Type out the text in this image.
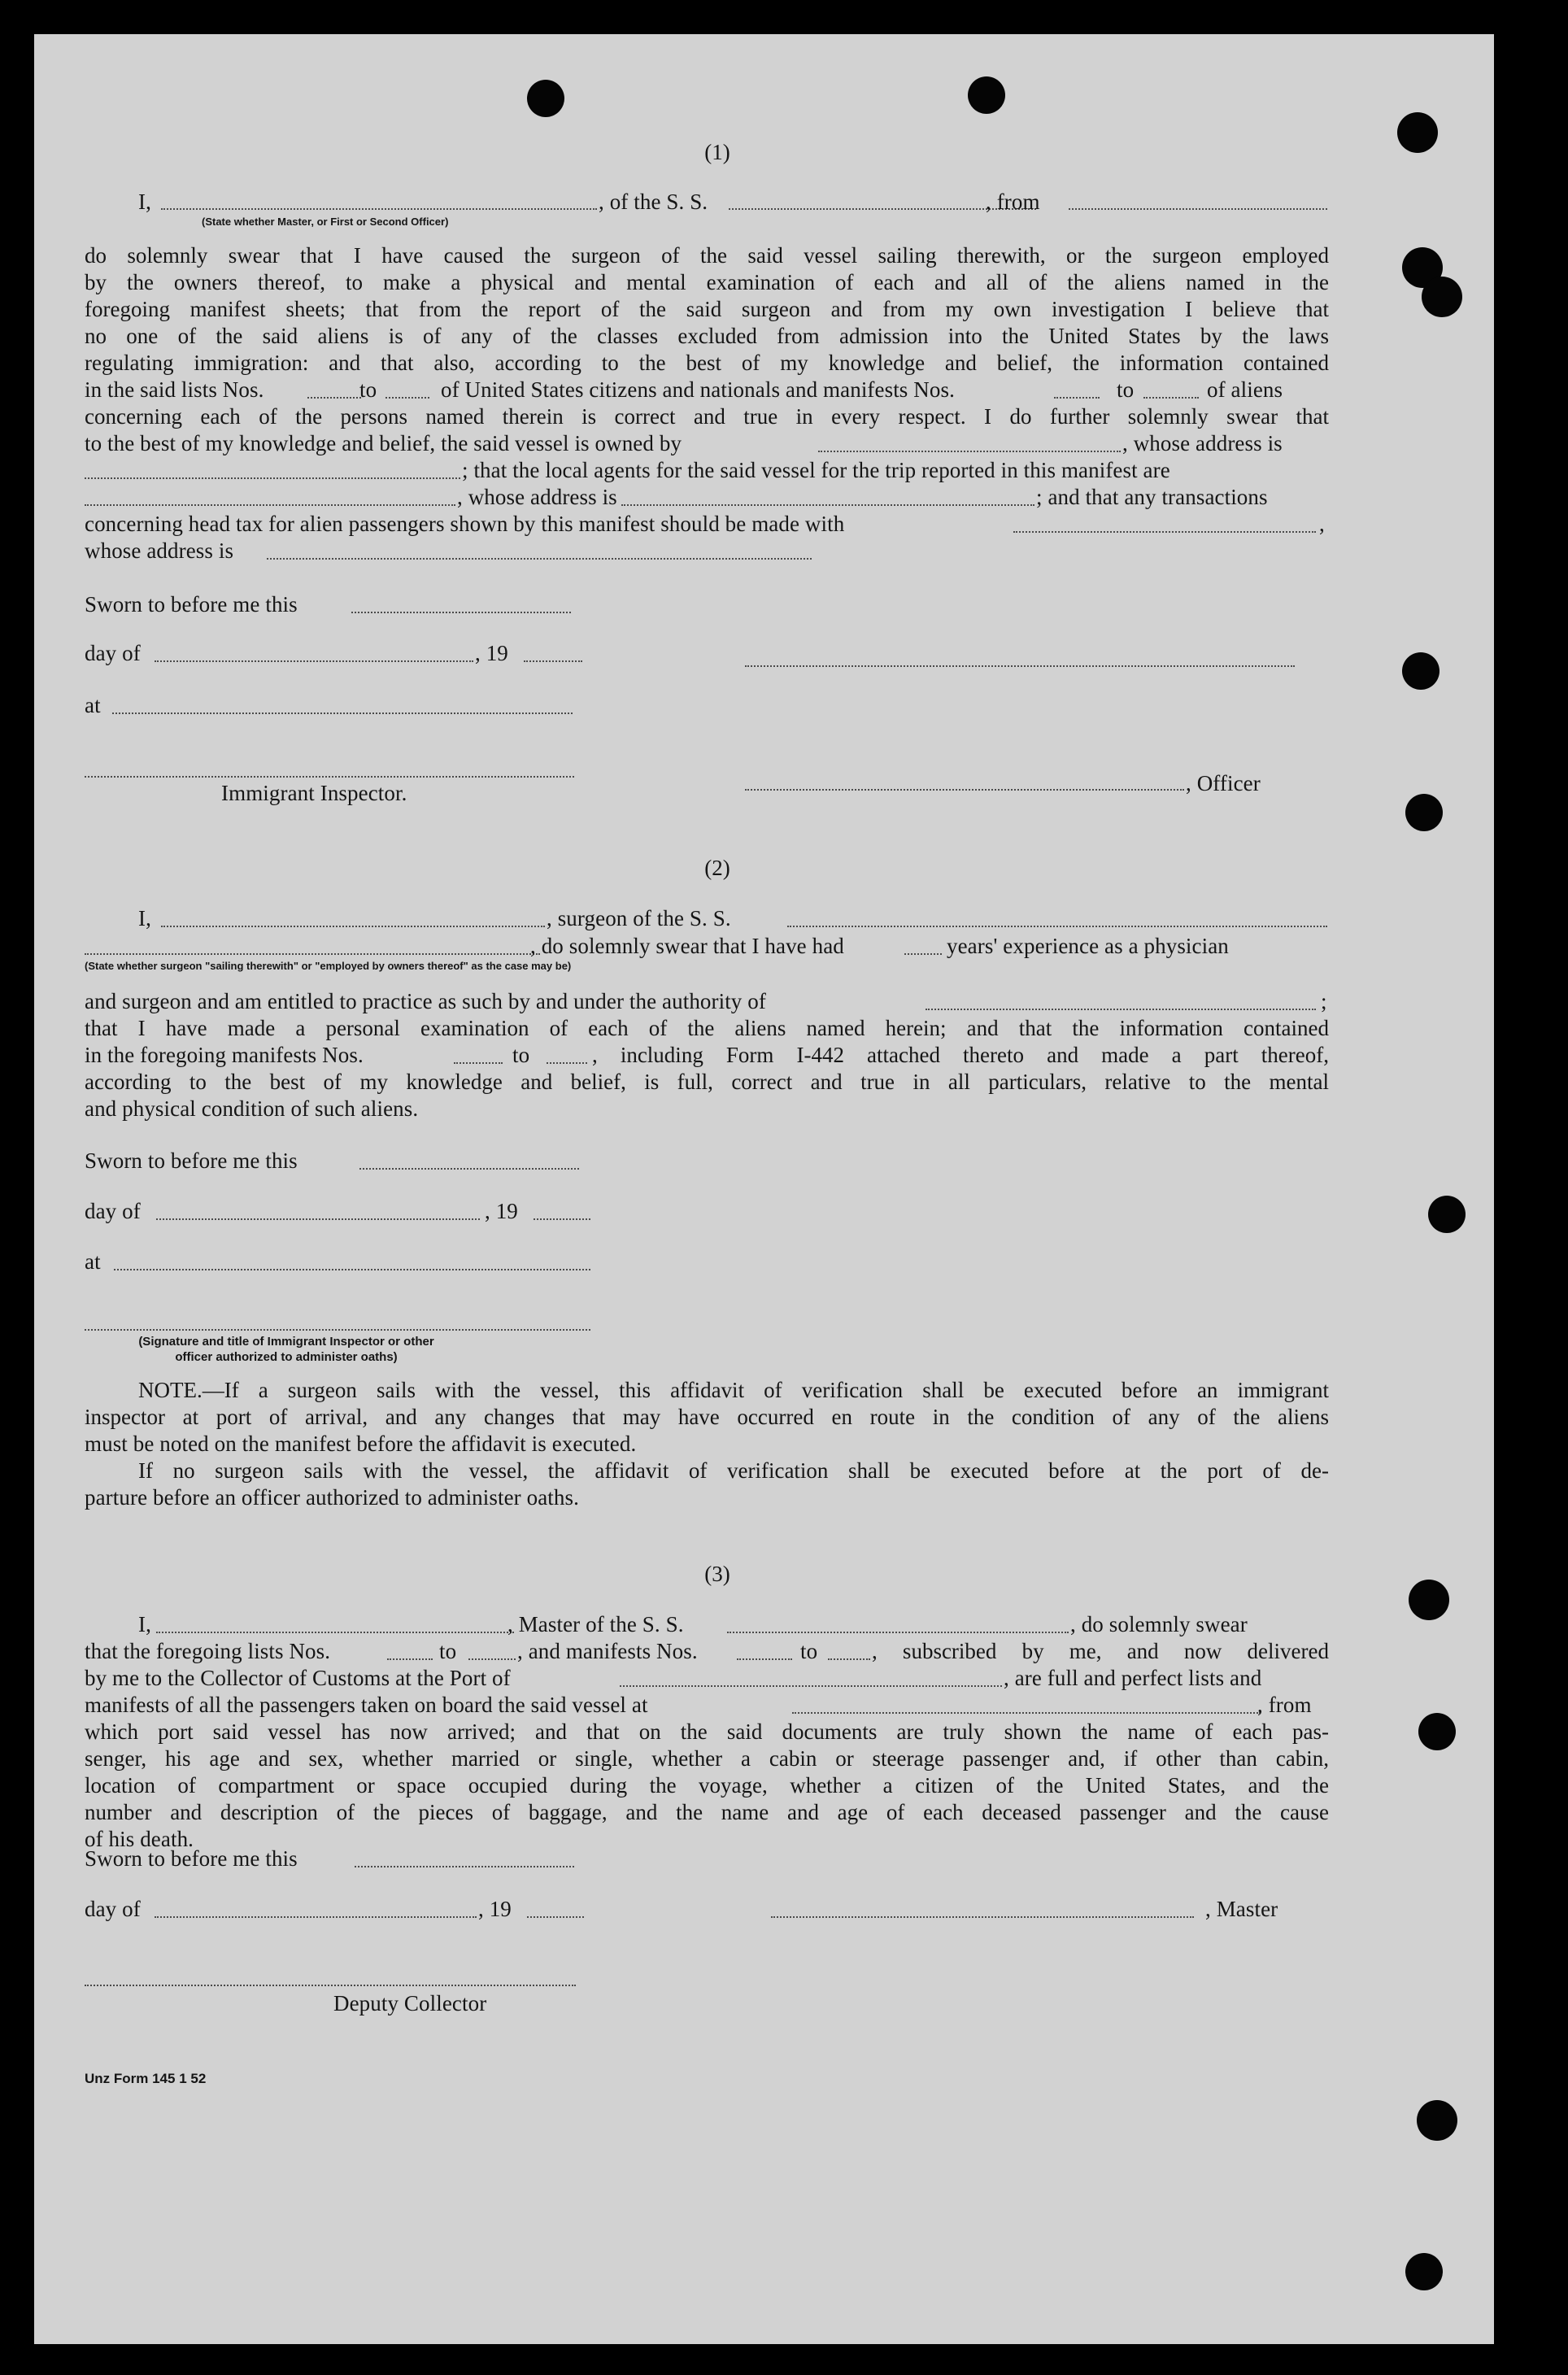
(1)
I,	, of the S. S.	, from
(State whether Master, or First or Second Officer)
do solemnly swear that I have caused the surgeon of the said vessel sailing therewith, or the surgeon employed
by the owners thereof, to make a physical and mental examination of each and all of the aliens named in the
foregoing manifest sheets; that from the report of the said surgeon and from my own investigation I believe that
no one of the said aliens is of any of the classes excluded from admission into the United States by the laws
regulating immigration: and that also, according to the best of my knowledge and belief, the information contained
in the said lists Nos.	to	of United States citizens and nationals and manifests Nos.	to	of aliens
concerning each of the persons named therein is correct and true in every respect. I do further solemnly swear that
to the best of my knowledge and belief, the said vessel is owned by	, whose address is
; that the local agents for the said vessel for the trip reported in this manifest are
, whose address is	; and that any transactions
concerning head tax for alien passengers shown by this manifest should be made with	,
whose address is
Sworn to before me this
day of	, 19
at
, Officer
Immigrant Inspector.
(2)
I,	, surgeon of the S. S.
, do solemnly swear that I have had	years' experience as a physician
(State whether surgeon "sailing therewith" or "employed by owners thereof" as the case may be)
and surgeon and am entitled to practice as such by and under the authority of	;
that I have made a personal examination of each of the aliens named herein; and that the information contained
in the foregoing manifests Nos.	to	, including Form I-442 attached thereto and made a part thereof,
according to the best of my knowledge and belief, is full, correct and true in all particulars, relative to the mental
and physical condition of such aliens.
Sworn to before me this
day of	, 19
at
(Signature and title of Immigrant Inspector or other
officer authorized to administer oaths)
NOTE.—If a surgeon sails with the vessel, this affidavit of verification shall be executed before an immigrant
inspector at port of arrival, and any changes that may have occurred en route in the condition of any of the aliens
must be noted on the manifest before the affidavit is executed.
If no surgeon sails with the vessel, the affidavit of verification shall be executed before at the port of de-
parture before an officer authorized to administer oaths.
(3)
I,	, Master of the S. S.	, do solemnly swear
that the foregoing lists Nos.	to	, and manifests Nos.	to , subscribed by me, and now delivered
by me to the Collector of Customs at the Port of	, are full and perfect lists and
manifests of all the passengers taken on board the said vessel at	, from
which port said vessel has now arrived; and that on the said documents are truly shown the name of each pas-
senger, his age and sex, whether married or single, whether a cabin or steerage passenger and, if other than cabin,
location of compartment or space occupied during the voyage, whether a citizen of the United States, and the
number and description of the pieces of baggage, and the name and age of each deceased passenger and the cause
of his death.
Sworn to before me this
day of	, 19	, Master
Deputy Collector
Unz Form 145 1 52
